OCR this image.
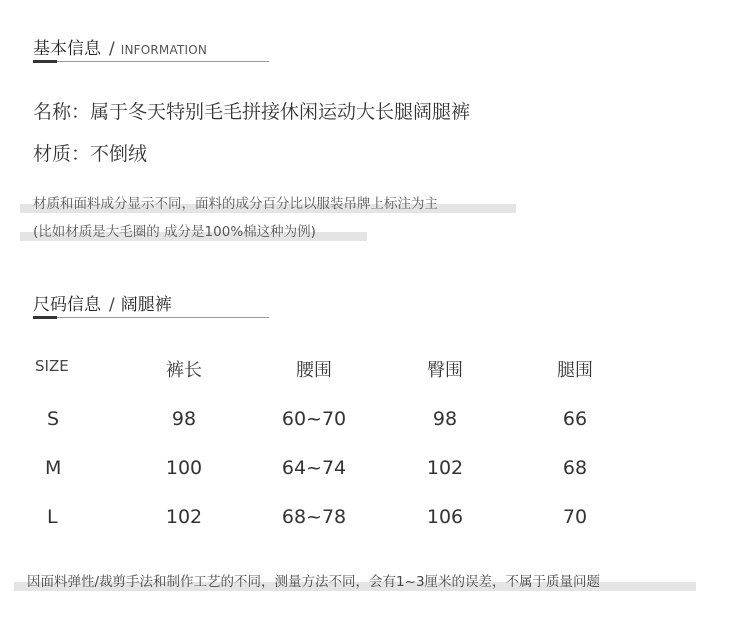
基本信息 / INFORMATION
名称：属于冬天特别毛毛拼接休闲运动大长腿阔腿裤
材质：不倒绒
材质和面料成分显示不同，面料的成分百分比以服装吊牌上标注为主
(比如材质是大毛圈的 成分是100%棉这种为例)
尺码信息 / 阔腿裤
SIZE	裤长	腰围	臀围	腿围
S	98	60~70	98	66
M	100	64~74	102	68
L	102	68~78	106	70
因面料弹性/裁剪手法和制作工艺的不同，测量方法不同，会有1~3厘米的误差，不属于质量问题
